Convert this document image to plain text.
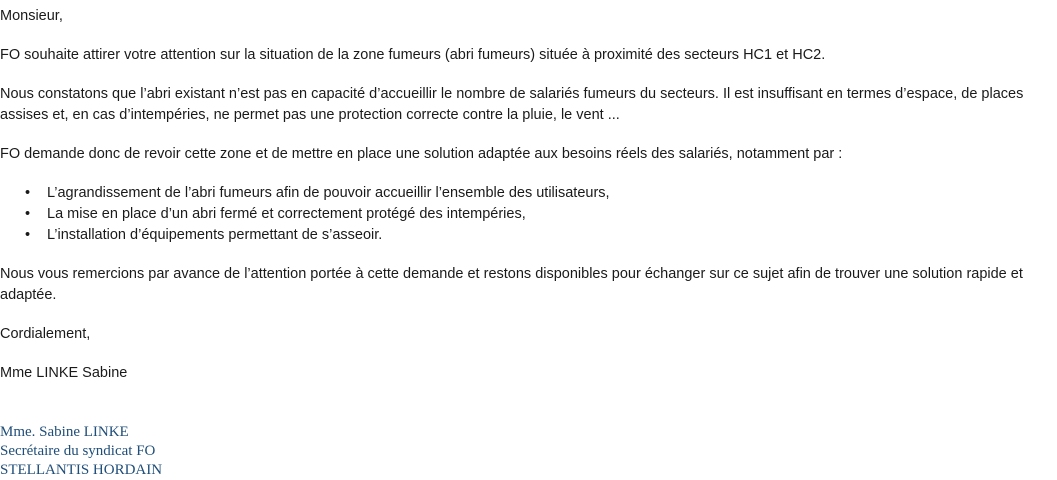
Monsieur,

FO souhaite attirer votre attention sur la situation de la zone fumeurs (abri fumeurs) située à proximité des secteurs HC1 et HC2.

Nous constatons que l’abri existant n’est pas en capacité d’accueillir le nombre de salariés fumeurs du secteurs. Il est insuffisant en termes d’espace, de places assises et, en cas d’intempéries, ne permet pas une protection correcte contre la pluie, le vent ...

FO demande donc de revoir cette zone et de mettre en place une solution adaptée aux besoins réels des salariés, notamment par :

• L’agrandissement de l’abri fumeurs afin de pouvoir accueillir l’ensemble des utilisateurs,
• La mise en place d’un abri fermé et correctement protégé des intempéries,
• L’installation d’équipements permettant de s’asseoir.

Nous vous remercions par avance de l’attention portée à cette demande et restons disponibles pour échanger sur ce sujet afin de trouver une solution rapide et adaptée.

Cordialement,

Mme LINKE Sabine

Mme. Sabine LINKE
Secrétaire du syndicat FO
STELLANTIS HORDAIN
